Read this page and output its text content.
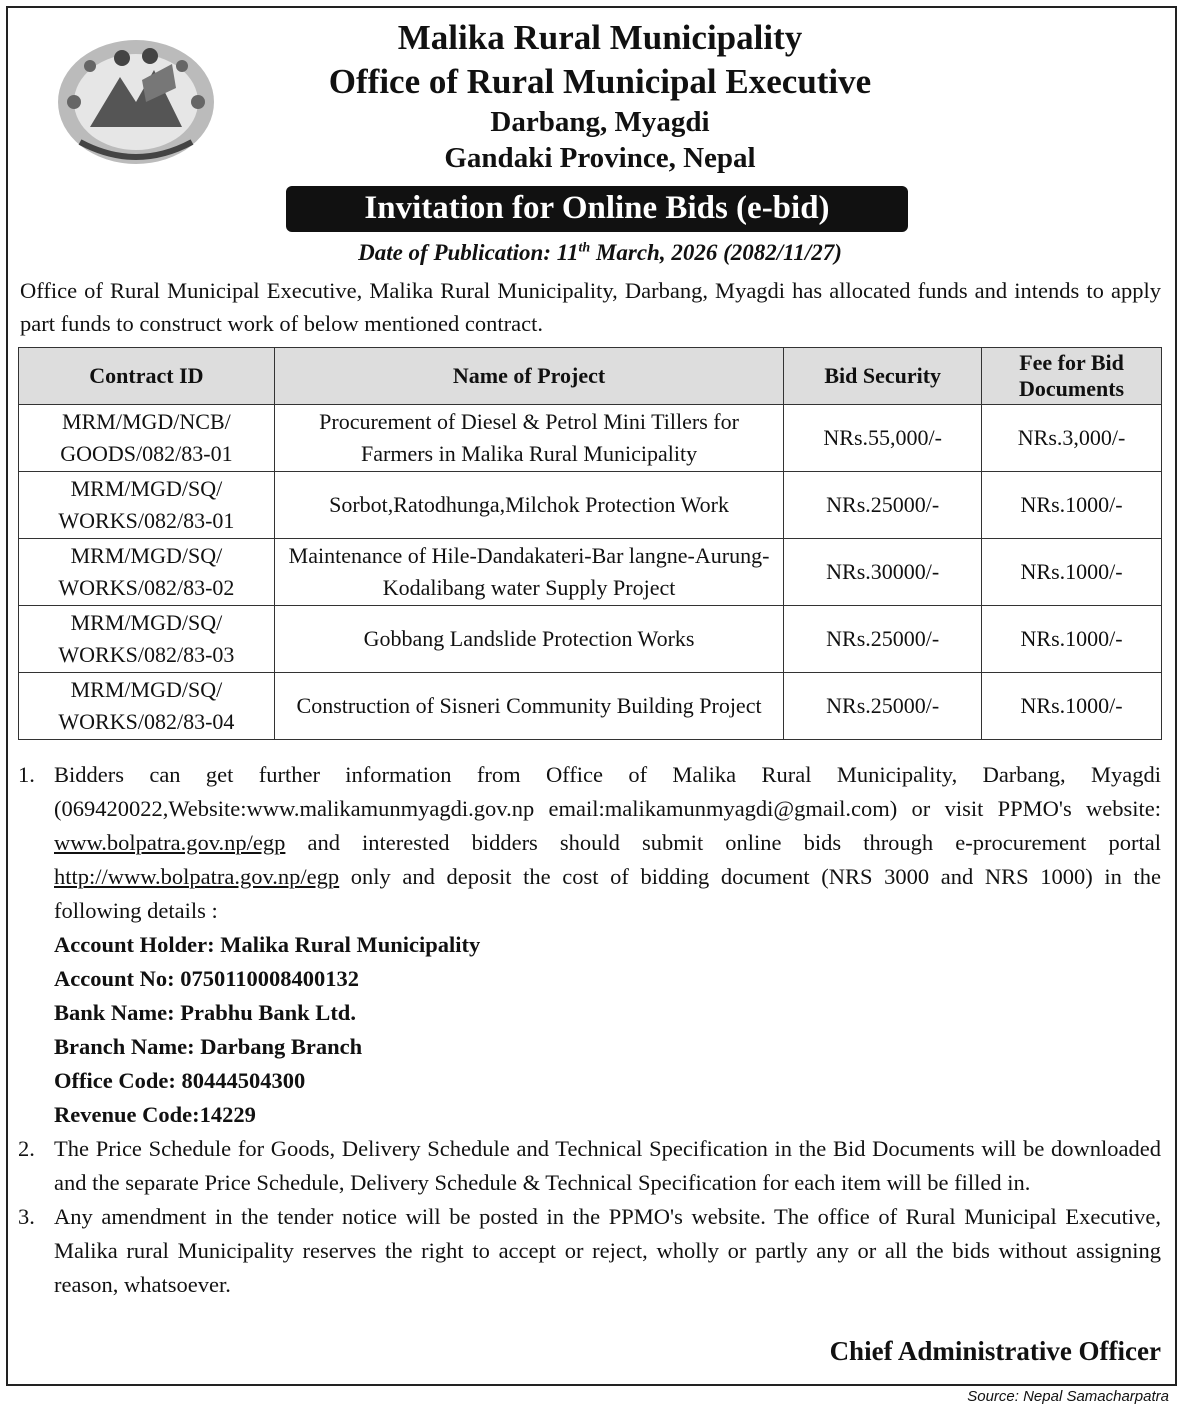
Malika Rural Municipality
Office of Rural Municipal Executive
Darbang, Myagdi
Gandaki Province, Nepal
Invitation for Online Bids (e-bid)
Date of Publication: 11th March, 2026 (2082/11/27)
Office of Rural Municipal Executive, Malika Rural Municipality, Darbang, Myagdi has allocated funds and intends to apply part funds to construct work of below mentioned contract.
Contract ID	Name of Project	Bid Security	Fee for Bid Documents
MRM/MGD/NCB/
GOODS/082/83-01	Procurement of Diesel & Petrol Mini Tillers for Farmers in Malika Rural Municipality	NRs.55,000/-	NRs.3,000/-
MRM/MGD/SQ/
WORKS/082/83-01	Sorbot,Ratodhunga,Milchok Protection Work	NRs.25000/-	NRs.1000/-
MRM/MGD/SQ/
WORKS/082/83-02	Maintenance of Hile-Dandakateri-Bar langne-Aurung-Kodalibang water Supply Project	NRs.30000/-	NRs.1000/-
MRM/MGD/SQ/
WORKS/082/83-03	Gobbang Landslide Protection Works	NRs.25000/-	NRs.1000/-
MRM/MGD/SQ/
WORKS/082/83-04	Construction of Sisneri Community Building Project	NRs.25000/-	NRs.1000/-
1. Bidders can get further information from Office of Malika Rural Municipality, Darbang, Myagdi (069420022,Website:www.malikamunmyagdi.gov.np email:malikamunmyagdi@gmail.com) or visit PPMO's website: www.bolpatra.gov.np/egp and interested bidders should submit online bids through e-procurement portal http://www.bolpatra.gov.np/egp only and deposit the cost of bidding document (NRS 3000 and NRS 1000) in the following details :
Account Holder: Malika Rural Municipality
Account No: 0750110008400132
Bank Name: Prabhu Bank Ltd.
Branch Name: Darbang Branch
Office Code: 80444504300
Revenue Code:14229
2. The Price Schedule for Goods, Delivery Schedule and Technical Specification in the Bid Documents will be downloaded and the separate Price Schedule, Delivery Schedule & Technical Specification for each item will be filled in.
3. Any amendment in the tender notice will be posted in the PPMO's website. The office of Rural Municipal Executive, Malika rural Municipality reserves the right to accept or reject, wholly or partly any or all the bids without assigning reason, whatsoever.
Chief Administrative Officer
Source: Nepal Samacharpatra
